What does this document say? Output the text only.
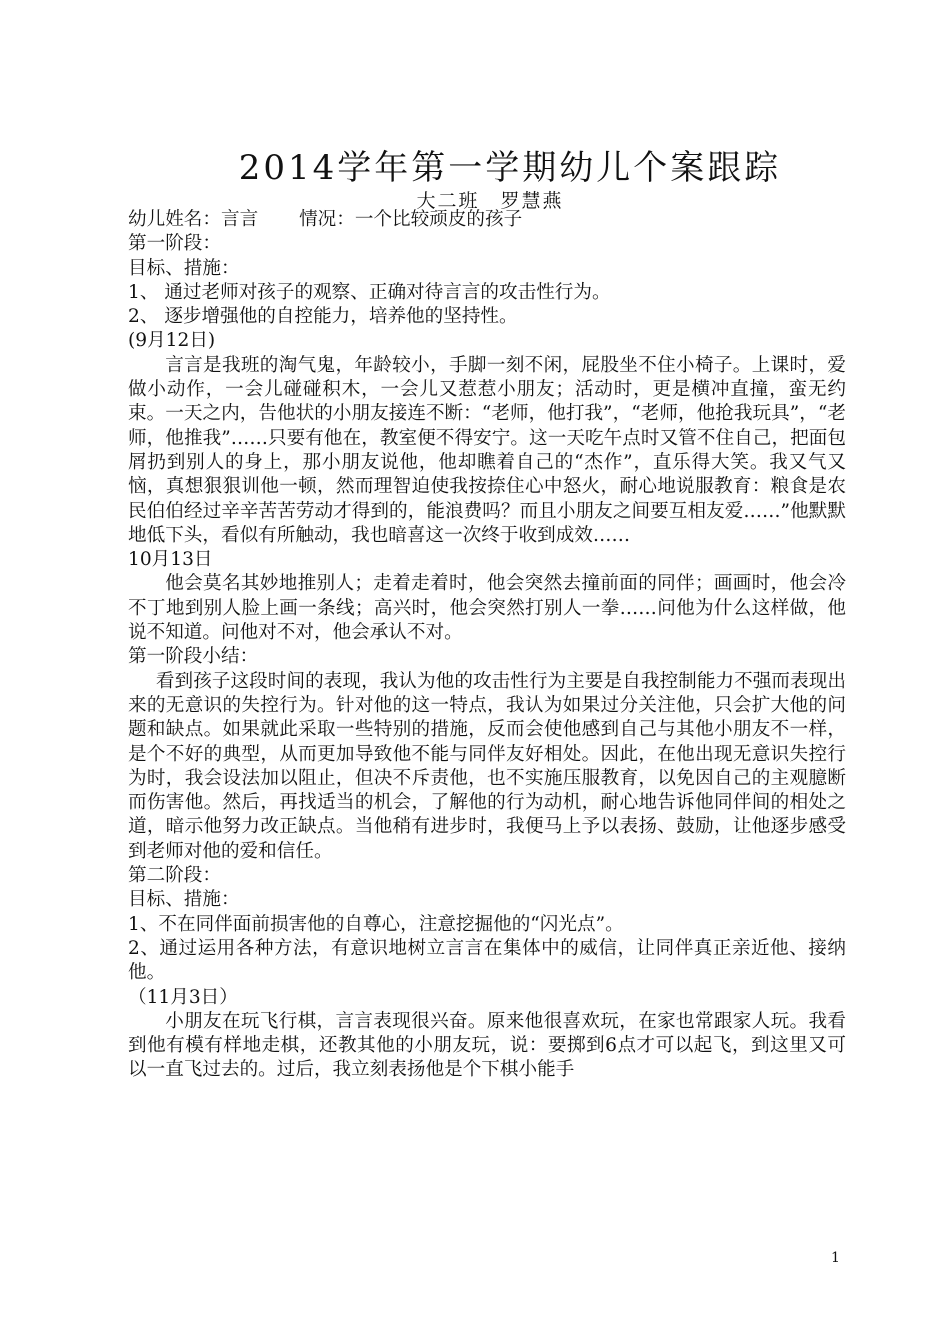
2014学年第一学期幼儿个案跟踪
大二班　罗慧燕

幼儿姓名：言言 情况：一个比较顽皮的孩子

第一阶段：

目标、措施：

1、 通过老师对孩子的观察、正确对待言言的攻击性行为。

2、 逐步增强他的自控能力，培养他的坚持性。

(9月12日)

言言是我班的淘气鬼，年龄较小，手脚一刻不闲，屁股坐不住小椅子。上课时，爱做小动作，一会儿碰碰积木，一会儿又惹惹小朋友；活动时，更是横冲直撞，蛮无约束。一天之内，告他状的小朋友接连不断：“老师，他打我”，“老师，他抢我玩具”，“老师，他推我”……只要有他在，教室便不得安宁。这一天吃午点时又管不住自己，把面包屑扔到别人的身上，那小朋友说他，他却瞧着自己的“杰作”，直乐得大笑。我又气又恼，真想狠狠训他一顿，然而理智迫使我按捺住心中怒火，耐心地说服教育：粮食是农民伯伯经过辛辛苦苦劳动才得到的，能浪费吗？而且小朋友之间要互相友爱……”他默默地低下头，看似有所触动，我也暗喜这一次终于收到成效……

10月13日

他会莫名其妙地推别人；走着走着时，他会突然去撞前面的同伴；画画时，他会冷不丁地到别人脸上画一条线；高兴时，他会突然打别人一拳……问他为什么这样做，他说不知道。问他对不对，他会承认不对。

第一阶段小结：

看到孩子这段时间的表现，我认为他的攻击性行为主要是自我控制能力不强而表现出来的无意识的失控行为。针对他的这一特点，我认为如果过分关注他，只会扩大他的问题和缺点。如果就此采取一些特别的措施，反而会使他感到自己与其他小朋友不一样，是个不好的典型，从而更加导致他不能与同伴友好相处。因此，在他出现无意识失控行为时，我会设法加以阻止，但决不斥责他，也不实施压服教育，以免因自己的主观臆断而伤害他。然后，再找适当的机会，了解他的行为动机，耐心地告诉他同伴间的相处之道，暗示他努力改正缺点。当他稍有进步时，我便马上予以表扬、鼓励，让他逐步感受到老师对他的爱和信任。

第二阶段：

目标、措施：

1、不在同伴面前损害他的自尊心，注意挖掘他的“闪光点”。

2、通过运用各种方法，有意识地树立言言在集体中的威信，让同伴真正亲近他、接纳他。

（11月3日）

小朋友在玩飞行棋，言言表现很兴奋。原来他很喜欢玩，在家也常跟家人玩。我看到他有模有样地走棋，还教其他的小朋友玩，说：要掷到6点才可以起飞，到这里又可以一直飞过去的。过后，我立刻表扬他是个下棋小能手

1
